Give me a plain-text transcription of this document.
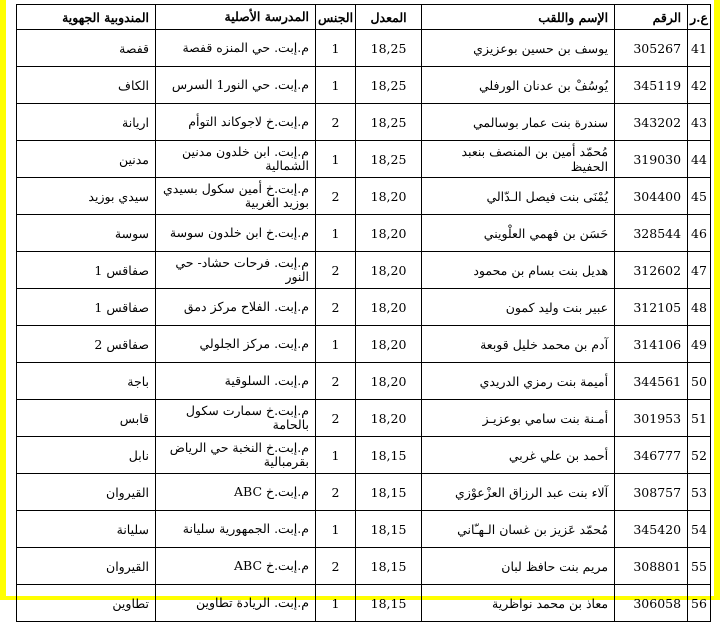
ع.ر	الرقم	الإسم واللقب	المعدل	الجنس	المدرسة الأصلية	المندوبية الجهوية
41	305267	يوسف بن حسين بوعزيزي	18,25	1	م.إبت. حي المنزه قفصة	قفصة
42	345119	يُوسُفْ بن عدنان الورفلي	18,25	1	م.إبت. حي النور1 السرس	الكاف
43	343202	سندرة بنت عمار بوسالمي	18,25	2	م.إبت.خ لاجوكاند التوأم	اريانة
44	319030	مُحمّد أمين بن المنصف بنعبد الحفيظ	18,25	1	م.إبت. ابن خلدون مدنين الشمالية	مدنين
45	304400	يُمْنَى بنت فيصل الـدّالي	18,20	2	م.إبت.خ أمين سكول بسيدي بوزيد الغربية	سيدي بوزيد
46	328544	حَسَن بن فهمي العلْويني	18,20	1	م.إبت.خ ابن خلدون سوسة	سوسة
47	312602	هديل بنت بسام بن محمود	18,20	2	م.إبت. فرحات حشاد- حي النور	صفاقس 1
48	312105	عبير بنت وليد كمون	18,20	2	م.إبت. الفلاح مركز دمق	صفاقس 1
49	314106	آدم بن محمد خليل قوبعة	18,20	1	م.إبت. مركز الجلولي	صفاقس 2
50	344561	أميمة بنت رمزي الدريدي	18,20	2	م.إبت. السلوقية	باجة
51	301953	أمـنة بنت سامي بوعزيـز	18,20	2	م.إبت.خ سمارت سكول بالحامة	قابس
52	346777	أحمد بن علي غربي	18,15	1	م.إبت.خ النخبة حي الرياض بقرمبالية	نابل
53	308757	آلاء بنت عبد الرزاق العزْعوْزي	18,15	2	م.إبت.خ ABC	القيروان
54	345420	مُحمّد عَزيز بن غسان الـهـّاني	18,15	1	م.إبت. الجمهورية سليانة	سليانة
55	308801	مريم بنت حافظ لبان	18,15	2	م.إبت.خ ABC	القيروان
56	306058	معاذ بن محمد نواظرية	18,15	1	م.إبت. الريادة تطاوين	تطاوين
